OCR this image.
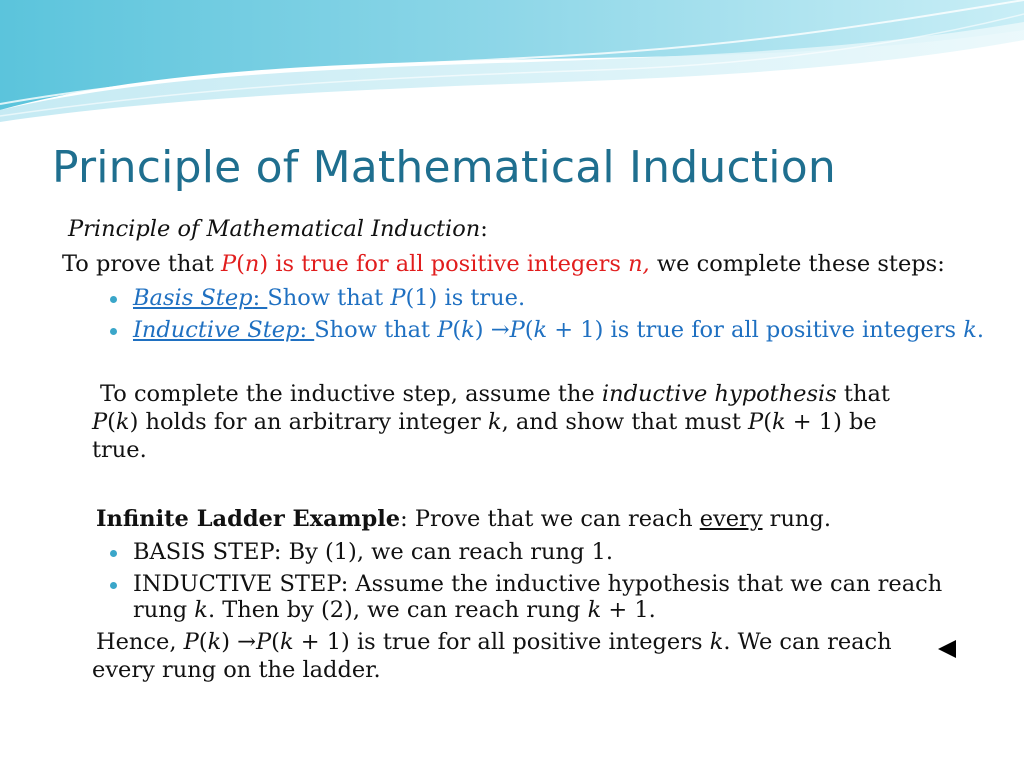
Principle of Mathematical Induction
Principle of Mathematical Induction:
To prove that P(n) is true for all positive integers n, we complete these steps:
Basis Step: Show that P(1) is true.
Inductive Step: Show that P(k) →P(k + 1) is true for all positive integers k.
To complete the inductive step, assume the inductive hypothesis that
P(k) holds for an arbitrary integer k, and show that must P(k + 1) be
true.
Infinite Ladder Example: Prove that we can reach every rung.
BASIS STEP: By (1), we can reach rung 1.
INDUCTIVE STEP: Assume the inductive hypothesis that we can reach
rung k. Then by (2), we can reach rung k + 1.
Hence, P(k) →P(k + 1) is true for all positive integers k. We can reach
every rung on the ladder.
